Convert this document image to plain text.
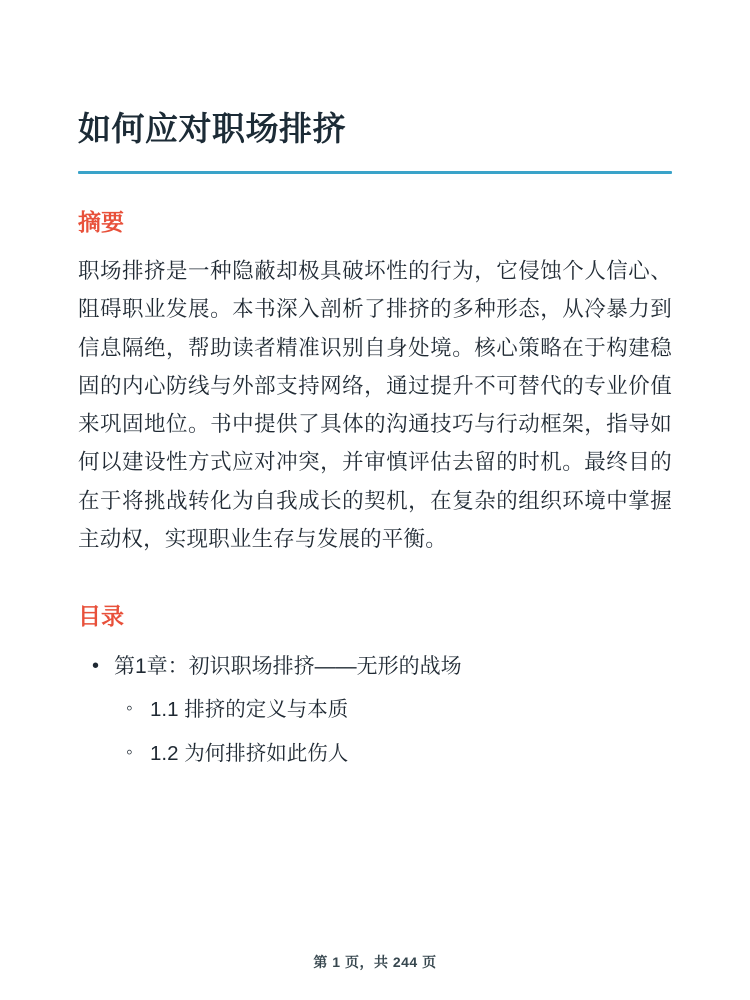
如何应对职场排挤
摘要

职场排挤是一种隐蔽却极具破坏性的行为，它侵蚀个人信心、阻碍职业发展。本书深入剖析了排挤的多种形态，从冷暴力到信息隔绝，帮助读者精准识别自身处境。核心策略在于构建稳固的内心防线与外部支持网络，通过提升不可替代的专业价值来巩固地位。书中提供了具体的沟通技巧与行动框架，指导如何以建设性方式应对冲突，并审慎评估去留的时机。最终目的在于将挑战转化为自我成长的契机，在复杂的组织环境中掌握主动权，实现职业生存与发展的平衡。

目录
• 第1章：初识职场排挤——无形的战场
◦ 1.1 排挤的定义与本质
◦ 1.2 为何排挤如此伤人
第 1 页，共 244 页
